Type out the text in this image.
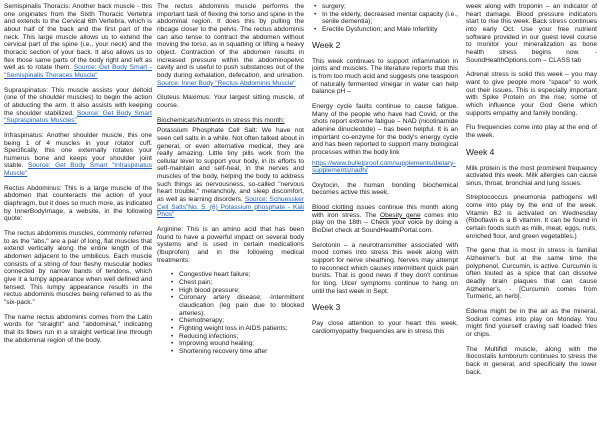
Semispinalis Thoracis: Another back muscle - this one originates from the Sixth Thoracic Vertebra and extends to the Cervical 6th Vertebra, which is about half of the back and the first part of the neck. This large muscle allows us to extend the cervical part of the spine (i.e., your neck) and the thoracic section of your back. It also allows us to flex those same parts of the body right and left as well as to rotate them. Source: Get Body Smart - "Semispinalis Thoraces Muscle"

Supraspinatus: This muscle assists your deltoid (one of the shoulder muscles) to begin the action of abducting the arm. It also assists with keeping the shoulder stabilized. Source: Get Body Smart "Supraspinatus Muscles"

Infraspinatus: Another shoulder muscle, this one being 1 of 4 muscles in your rotator cuff. Specifically, this one externally rotates your humerus bone and keeps your shoulder joint stable. Source: Get Body Smart "Infraspinatus Muscle"

Rectus Abdominus: This is a large muscle of the abdomen that counteracts the action of your diaphragm, but it does so much more, as indicated by InnerBodyImage, a website, in the following quote:

The rectus abdominis muscles, commonly referred to as the "abs," are a pair of long, flat muscles that extend vertically along the entire length of the abdomen adjacent to the umbilicus. Each muscle consists of a string of four fleshy muscular bodies connected by narrow bands of tendons, which give it a lumpy appearance when well defined and tensed. This lumpy appearance results in the rectus abdominis muscles being referred to as the "six-pack."

The name rectus abdominis comes from the Latin words for "straight" and "abdominal," indicating that its fibers run in a straight vertical line through the abdominal region of the body.

The rectus abdominis muscle performs the important task of flexing the torso and spine in the abdominal region. It does this by pulling the ribcage closer to the pelvis. The rectus abdominis can also tense to contract the abdomen without moving the torso, as in squatting or lifting a heavy object. Contraction of the abdomen results in increased pressure within the abdominopelvic cavity and is useful to push substances out of the body during exhalation, defecation, and urination. Source: Inner Body "Rectus Abdominis Muscle"

Gluteus Maximus: Your largest sitting muscle, of course.

Biochemicals/Nutrients in stress this month:

Potassium Phosphate Cell Salt: We have not seen cell salts in a while. Not often talked about in general, or even alternative medical, they are really amazing. Little tiny pills work from the cellular level to support your body, in its efforts to self-maintain and self-heal, in the nerves and muscles of the body, helping the body to address such things as nervousness, so-called "nervous heart trouble," melancholy, and sleep discomfort, as well as learning disorders. Source: Schuessker Cell Salts"No. 5. (6) Potassium phosphate - Kali Phos"

Arginine: This is an amino acid that has been found to have a powerful impact on several body systems and is used in certain medications (Ibuprofen) and in the following medical treatments:

• Congestive heart failure;
• Chest pain;
• High blood pressure;
• Coronary artery disease; -Intermittent claudication (leg pain due to blocked arteries);
• Chemotherapy;
• Fighting weight loss in AIDS patients;
• Reducing infections;
• Improving wound healing;
• Shortening recovery time after
• surgery;
• In the elderly, decreased mental capacity (i.e., senile dementia);
• Erectile Dysfunction; and Male Infertility
Week 2

This week continues to support inflammation in joints and muscles. The literature reports that this is from too much acid and suggests one teaspoon of naturally fermented vinegar in water can help balance pH –

Energy cycle faults continue to cause fatigue. Many of the people who have had Covid, or the shots report extreme fatigue – NAD (nicotinamide adenine dinucleotide) – has been helpful. It is an important co-enzyme for the body's energy cycle and has been reported to support many biological processes within the body link

https://www.bulletproof.com/supplements/dietary-supplements/nadh/

Oxytocin, the human bonding biochemical becomes active this week.

Blood clotting issues continue this month along with iron stress. The Obesity gene comes into play on the 18th – Check your voice by doing a BioDiet check at SoundHealthPortal.com.

Serotonin – a neurotransmitter associated with mood comes into stress this week along with support for nerve sheathing. Nerves may attempt to reconnect which causes intermittent quick pain bursts. That is good news if they don't continue for long. Ulcer symptoms continue to hang on until the last week in Sept.

Week 3

Pay close attention to your heart this week, cardiomyopathy frequencies are in stress this

week along with troponin – an indicator of heart damage. Blood pressure indicators start to rise this week. Back stress continues into early Oct. Use your free nutrient software provided in our guest level course to monitor your mineralization as bone health stress begins now. -SoundHealthOptions.com – CLASS tab

Adrenal stress is solid this week – you may want to give people more "space" to work out their issues. This is especially important with Spike Protein on the rise; some of which influence your God Gene which supports empathy and family bonding.

Flu frequencies come into play at the end of the week.

Week 4

Milk protein is the most prominent frequency activated this week. Milk allergies can cause sinus, throat, bronchial and lung issues.

Streptococcus pneumonia pathogens will come into play by the end of the week. Vitamin B2 is activated on Wednesday (Riboflavin is a B vitamin. It can be found in certain foods such as milk, meat, eggs, nuts, enriched flour, and green vegetables.)

The gene that is most in stress is familial Alzheimer's but at the same time the polyphenol, Curcumin, is active. Curcumin is often touted as a spice that can dissolve deadly brain plaques that can cause Alzheimer's. - [Curcumin comes from Turmeric, an herb].

Edema might be in the air as the mineral, Sodium comes into play on Monday. You might find yourself craving salt loaded fries or chips.

The Multifidi muscle, along with the Iliocostalis lumborum continues to stress the back in general, and specifically the lower back.
